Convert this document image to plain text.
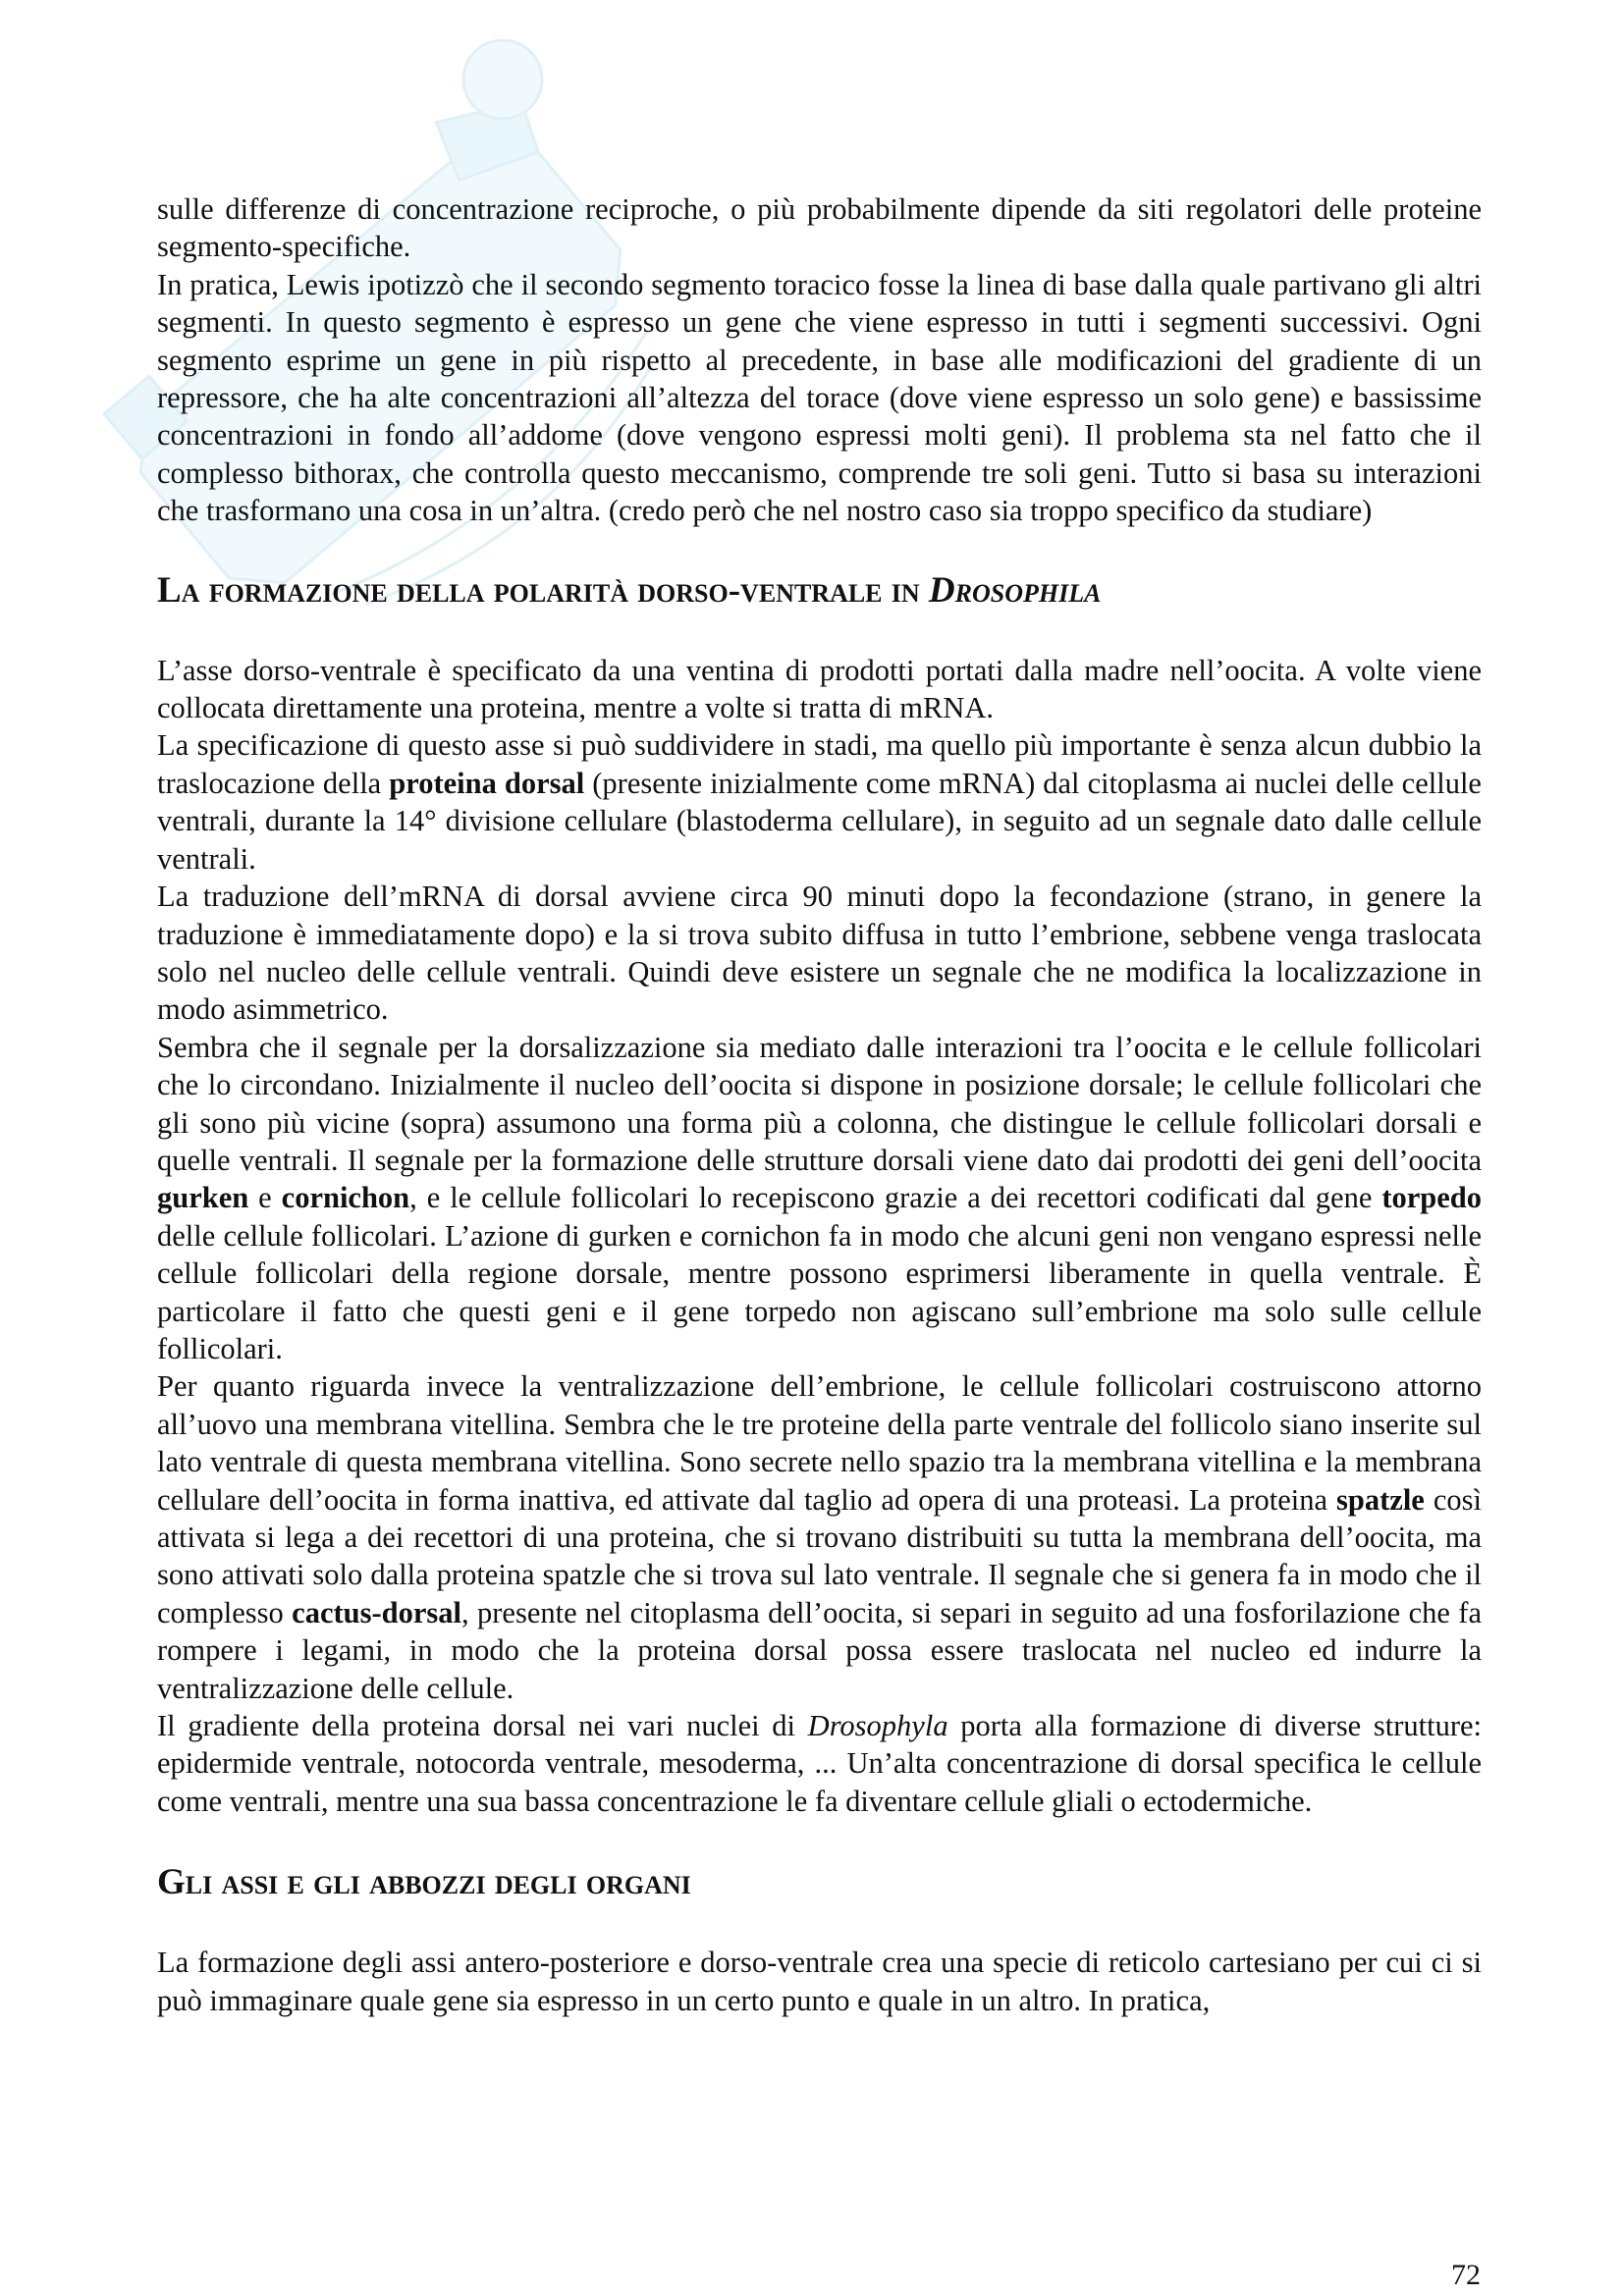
sulle differenze di concentrazione reciproche, o più probabilmente dipende da siti regolatori delle proteine segmento-specifiche.

In pratica, Lewis ipotizzò che il secondo segmento toracico fosse la linea di base dalla quale partivano gli altri segmenti. In questo segmento è espresso un gene che viene espresso in tutti i segmenti successivi. Ogni segmento esprime un gene in più rispetto al precedente, in base alle modificazioni del gradiente di un repressore, che ha alte concentrazioni all’altezza del torace (dove viene espresso un solo gene) e bassissime concentrazioni in fondo all’addome (dove vengono espressi molti geni). Il problema sta nel fatto che il complesso bithorax, che controlla questo meccanismo, comprende tre soli geni. Tutto si basa su interazioni che trasformano una cosa in un’altra. (credo però che nel nostro caso sia troppo specifico da studiare)

La formazione della polarità dorso-ventrale in Drosophila

L’asse dorso-ventrale è specificato da una ventina di prodotti portati dalla madre nell’oocita. A volte viene collocata direttamente una proteina, mentre a volte si tratta di mRNA.

La specificazione di questo asse si può suddividere in stadi, ma quello più importante è senza alcun dubbio la traslocazione della proteina dorsal (presente inizialmente come mRNA) dal citoplasma ai nuclei delle cellule ventrali, durante la 14° divisione cellulare (blastoderma cellulare), in seguito ad un segnale dato dalle cellule ventrali.

La traduzione dell’mRNA di dorsal avviene circa 90 minuti dopo la fecondazione (strano, in genere la traduzione è immediatamente dopo) e la si trova subito diffusa in tutto l’embrione, sebbene venga traslocata solo nel nucleo delle cellule ventrali. Quindi deve esistere un segnale che ne modifica la localizzazione in modo asimmetrico.

Sembra che il segnale per la dorsalizzazione sia mediato dalle interazioni tra l’oocita e le cellule follicolari che lo circondano. Inizialmente il nucleo dell’oocita si dispone in posizione dorsale; le cellule follicolari che gli sono più vicine (sopra) assumono una forma più a colonna, che distingue le cellule follicolari dorsali e quelle ventrali. Il segnale per la formazione delle strutture dorsali viene dato dai prodotti dei geni dell’oocita gurken e cornichon, e le cellule follicolari lo recepiscono grazie a dei recettori codificati dal gene torpedo delle cellule follicolari. L’azione di gurken e cornichon fa in modo che alcuni geni non vengano espressi nelle cellule follicolari della regione dorsale, mentre possono esprimersi liberamente in quella ventrale. È particolare il fatto che questi geni e il gene torpedo non agiscano sull’embrione ma solo sulle cellule follicolari.

Per quanto riguarda invece la ventralizzazione dell’embrione, le cellule follicolari costruiscono attorno all’uovo una membrana vitellina. Sembra che le tre proteine della parte ventrale del follicolo siano inserite sul lato ventrale di questa membrana vitellina. Sono secrete nello spazio tra la membrana vitellina e la membrana cellulare dell’oocita in forma inattiva, ed attivate dal taglio ad opera di una proteasi. La proteina spatzle così attivata si lega a dei recettori di una proteina, che si trovano distribuiti su tutta la membrana dell’oocita, ma sono attivati solo dalla proteina spatzle che si trova sul lato ventrale. Il segnale che si genera fa in modo che il complesso cactus-dorsal, presente nel citoplasma dell’oocita, si separi in seguito ad una fosforilazione che fa rompere i legami, in modo che la proteina dorsal possa essere traslocata nel nucleo ed indurre la ventralizzazione delle cellule.

Il gradiente della proteina dorsal nei vari nuclei di Drosophyla porta alla formazione di diverse strutture: epidermide ventrale, notocorda ventrale, mesoderma, ... Un’alta concentrazione di dorsal specifica le cellule come ventrali, mentre una sua bassa concentrazione le fa diventare cellule gliali o ectodermiche.

Gli assi e gli abbozzi degli organi

La formazione degli assi antero-posteriore e dorso-ventrale crea una specie di reticolo cartesiano per cui ci si può immaginare quale gene sia espresso in un certo punto e quale in un altro. In pratica,

72
